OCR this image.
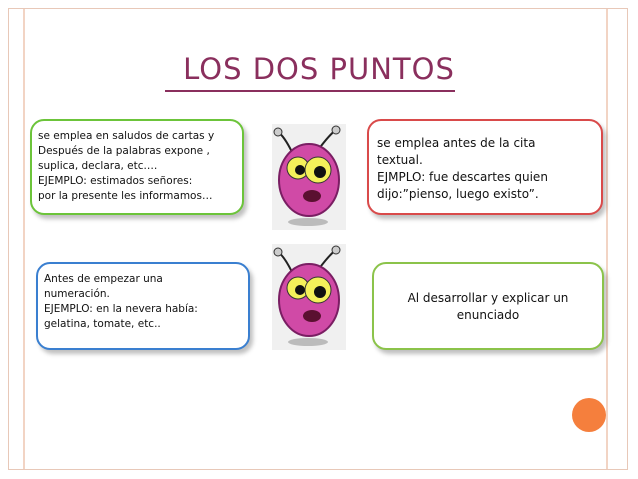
LOS DOS PUNTOS
se emplea en saludos de cartas y
Después de la palabras expone ,
suplica, declara, etc.…
EJEMPLO: estimados señores:
por la presente les informamos…
se emplea antes de la cita
textual.
EJMPLO: fue descartes quien
dijo:”pienso, luego existo”.
Antes de empezar una
numeración.
EJEMPLO: en la nevera había:
gelatina, tomate, etc..
Al desarrollar y explicar un
enunciado
